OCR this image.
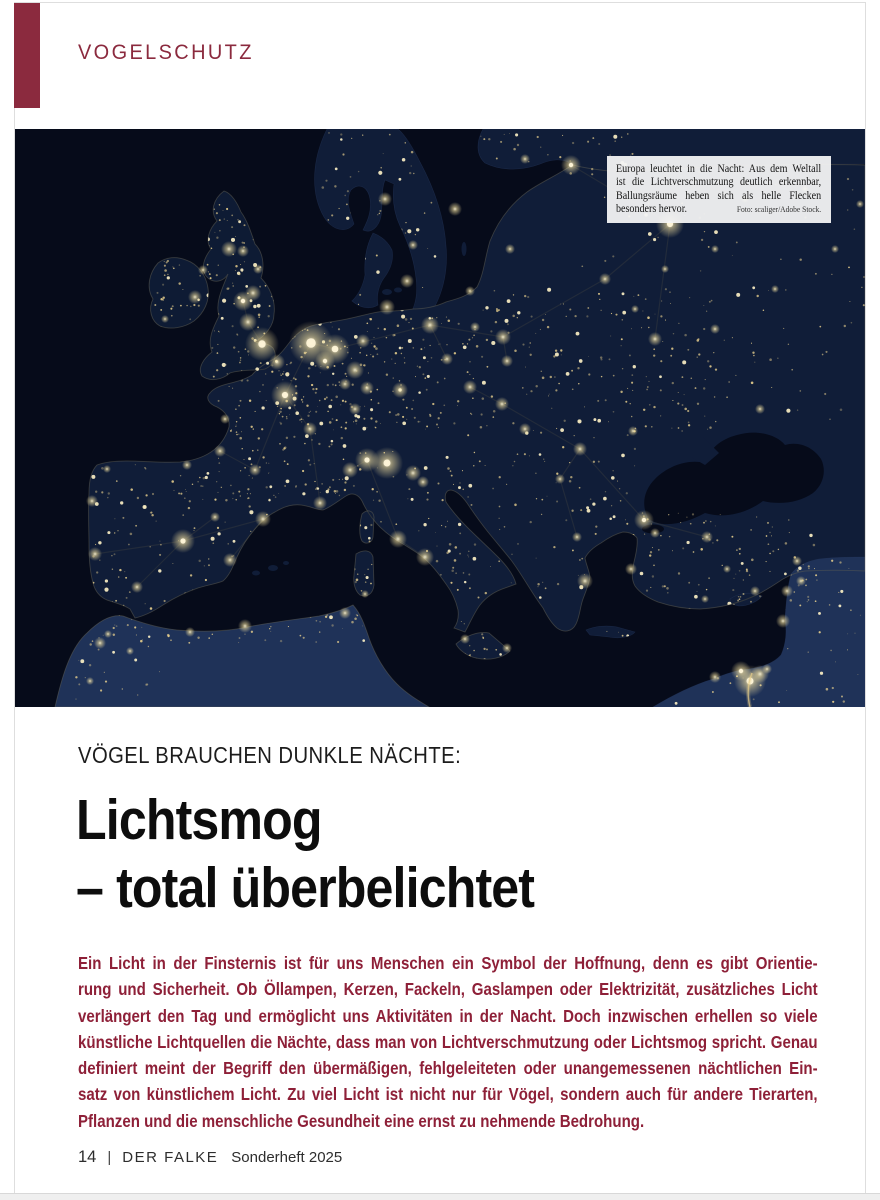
VOGELSCHUTZ
Europa leuchtet in die Nacht: Aus dem Weltall
ist die Lichtverschmutzung deutlich erkennbar,
Ballungsräume heben sich als helle Flecken
besonders hervor.	Foto: scaliger/Adobe Stock.
VÖGEL BRAUCHEN DUNKLE NÄCHTE:
Lichtsmog
– total überbelichtet
Ein Licht in der Finsternis ist für uns Menschen ein Symbol der Hoffnung, denn es gibt Orientie-
rung und Sicherheit. Ob Öllampen, Kerzen, Fackeln, Gaslampen oder Elektrizität, zusätzliches Licht
verlängert den Tag und ermöglicht uns Aktivitäten in der Nacht. Doch inzwischen erhellen so viele
künstliche Lichtquellen die Nächte, dass man von Lichtverschmutzung oder Lichtsmog spricht. Genau
definiert meint der Begriff den übermäßigen, fehlgeleiteten oder unangemessenen nächtlichen Ein-
satz von künstlichem Licht. Zu viel Licht ist nicht nur für Vögel, sondern auch für andere Tierarten,
Pflanzen und die menschliche Gesundheit eine ernst zu nehmende Bedrohung.
14 | DER FALKE Sonderheft 2025
